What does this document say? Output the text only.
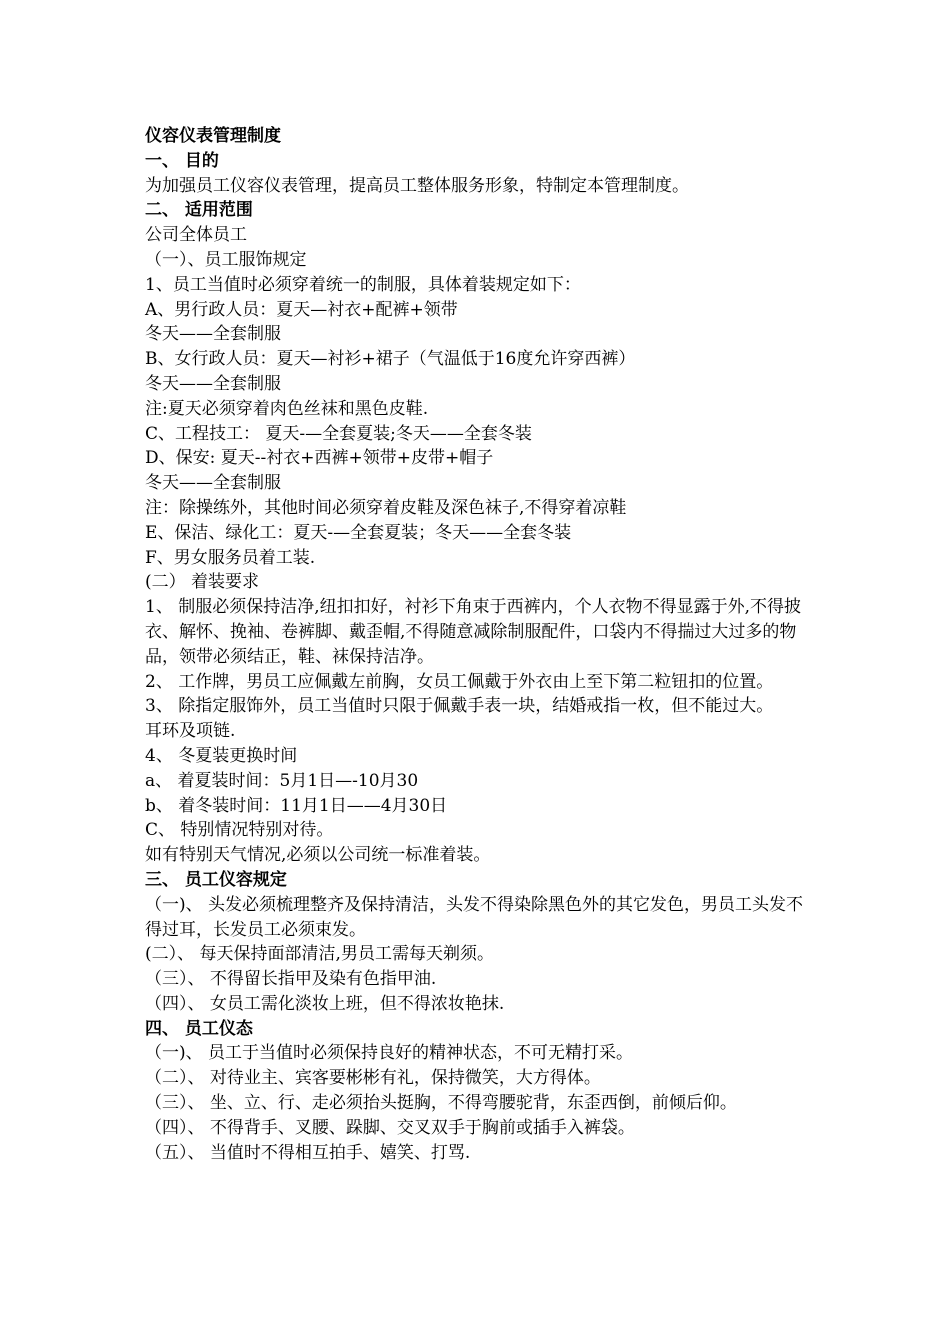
仪容仪表管理制度
一、 目的
为加强员工仪容仪表管理，提高员工整体服务形象，特制定本管理制度。
二、 适用范围
公司全体员工
（一）、员工服饰规定
1、员工当值时必须穿着统一的制服，具体着装规定如下：
A、男行政人员：夏天—衬衣+配裤+领带
冬天——全套制服
B、女行政人员：夏天—衬衫+裙子（气温低于16度允许穿西裤）
冬天——全套制服
注:夏天必须穿着肉色丝袜和黑色皮鞋.
C、工程技工： 夏天-—全套夏装;冬天——全套冬装
D、保安: 夏天--衬衣+西裤+领带+皮带+帽子
冬天——全套制服
注：除操练外，其他时间必须穿着皮鞋及深色袜子,不得穿着凉鞋
E、保洁、绿化工：夏天-—全套夏装；冬天——全套冬装
F、男女服务员着工装.
(二） 着装要求
1、 制服必须保持洁净,纽扣扣好，衬衫下角束于西裤内，个人衣物不得显露于外,不得披衣、解怀、挽袖、卷裤脚、戴歪帽,不得随意减除制服配件，口袋内不得揣过大过多的物品，领带必须结正，鞋、袜保持洁净。
2、 工作牌，男员工应佩戴左前胸，女员工佩戴于外衣由上至下第二粒钮扣的位置。
3、 除指定服饰外，员工当值时只限于佩戴手表一块，结婚戒指一枚，但不能过大。
耳环及项链.
4、 冬夏装更换时间
a、 着夏装时间：5月1日—-10月30
b、 着冬装时间：11月1日——4月30日
C、 特别情况特别对待。
如有特别天气情况,必须以公司统一标准着装。
三、 员工仪容规定
（一)、 头发必须梳理整齐及保持清洁，头发不得染除黑色外的其它发色，男员工头发不得过耳，长发员工必须束发。
(二）、 每天保持面部清洁,男员工需每天剃须。
（三）、 不得留长指甲及染有色指甲油.
（四）、 女员工需化淡妆上班，但不得浓妆艳抹.
四、 员工仪态
（一)、 员工于当值时必须保持良好的精神状态，不可无精打采。
（二）、 对待业主、宾客要彬彬有礼，保持微笑，大方得体。
（三）、 坐、立、行、走必须抬头挺胸，不得弯腰驼背，东歪西倒，前倾后仰。
（四）、 不得背手、叉腰、跺脚、交叉双手于胸前或插手入裤袋。
（五）、 当值时不得相互拍手、嬉笑、打骂.
